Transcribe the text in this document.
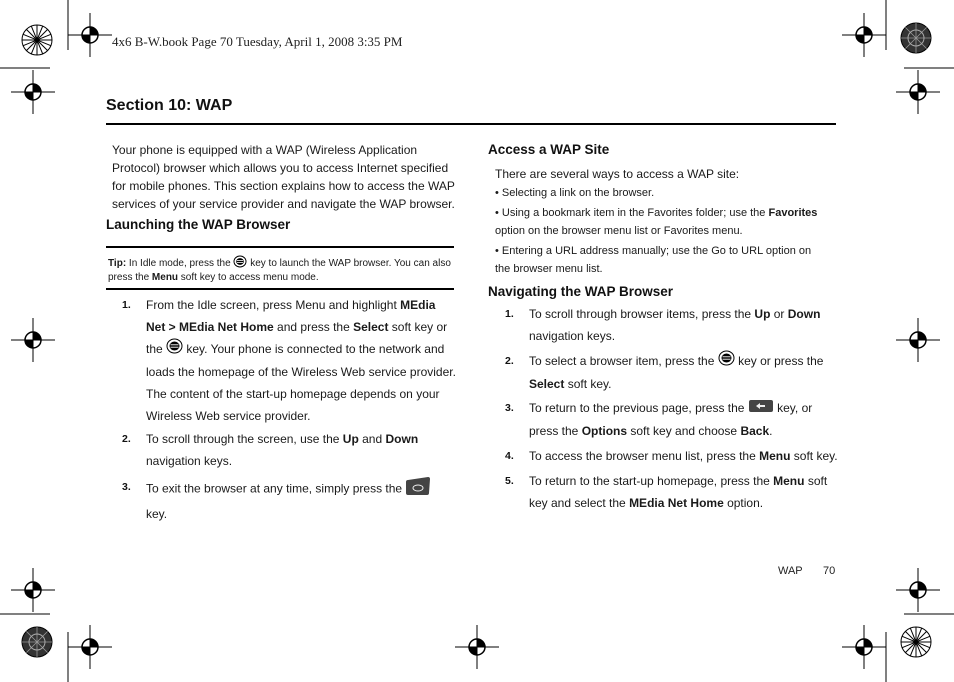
4x6 B-W.book Page 70 Tuesday, April 1, 2008 3:35 PM
Section 10: WAP
Your phone is equipped with a WAP (Wireless Application Protocol) browser which allows you to access Internet specified for mobile phones. This section explains how to access the WAP services of your service provider and navigate the WAP browser.
Launching the WAP Browser
Tip: In Idle mode, press the  key to launch the WAP browser. You can also press the Menu soft key to access menu mode.
1. From the Idle screen, press Menu and highlight MEdia Net > MEdia Net Home and press the Select soft key or the  key. Your phone is connected to the network and loads the homepage of the Wireless Web service provider. The content of the start-up homepage depends on your Wireless Web service provider.
2. To scroll through the screen, use the Up and Down navigation keys.
3. To exit the browser at any time, simply press the  key.
Access a WAP Site
There are several ways to access a WAP site:
• Selecting a link on the browser.
• Using a bookmark item in the Favorites folder; use the Favorites option on the browser menu list or Favorites menu.
• Entering a URL address manually; use the Go to URL option on the browser menu list.
Navigating the WAP Browser
1. To scroll through browser items, press the Up or Down navigation keys.
2. To select a browser item, press the  key or press the Select soft key.
3. To return to the previous page, press the  key, or press the Options soft key and choose Back.
4. To access the browser menu list, press the Menu soft key.
5. To return to the start-up homepage, press the Menu soft key and select the MEdia Net Home option.
WAP 70
